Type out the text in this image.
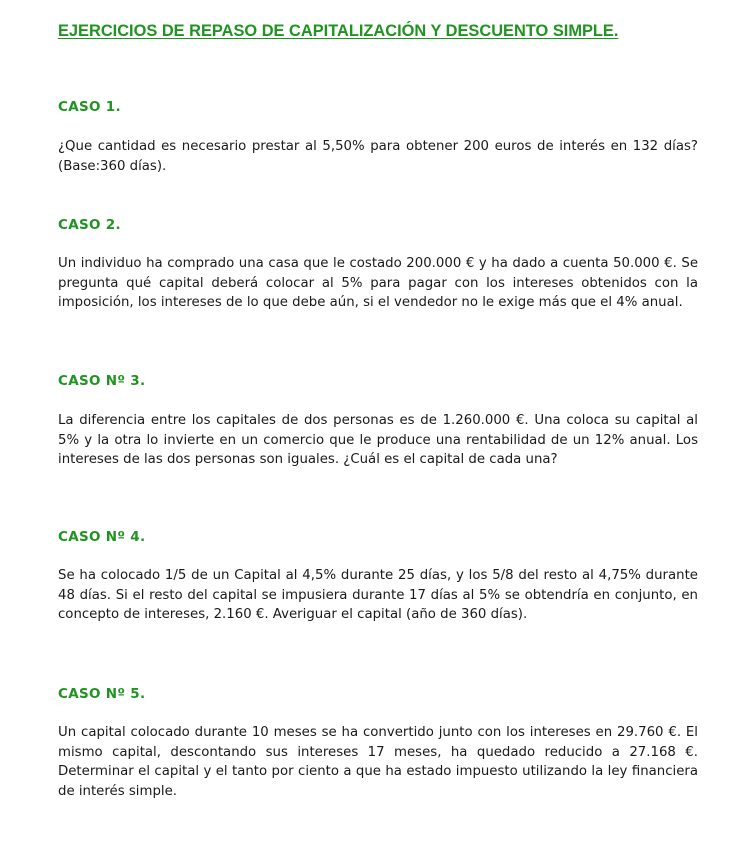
EJERCICIOS DE REPASO DE CAPITALIZACIÓN Y DESCUENTO SIMPLE.
CASO 1.

¿Que cantidad es necesario prestar al 5,50% para obtener 200 euros de interés en 132 días? (Base:360 días).

CASO 2.

Un individuo ha comprado una casa que le costado 200.000 € y ha dado a cuenta 50.000 €. Se pregunta qué capital deberá colocar al 5% para pagar con los intereses obtenidos con la imposición, los intereses de lo que debe aún, si el vendedor no le exige más que el 4% anual.

CASO Nº 3.

La diferencia entre los capitales de dos personas es de 1.260.000 €. Una coloca su capital al 5% y la otra lo invierte en un comercio que le produce una rentabilidad de un 12% anual. Los intereses de las dos personas son iguales. ¿Cuál es el capital de cada una?

CASO Nº 4.

Se ha colocado 1/5 de un Capital al 4,5% durante 25 días, y los 5/8 del resto al 4,75% durante 48 días. Si el resto del capital se impusiera durante 17 días al 5% se obtendría en conjunto, en concepto de intereses, 2.160 €. Averiguar el capital (año de 360 días).

CASO Nº 5.

Un capital colocado durante 10 meses se ha convertido junto con los intereses en 29.760 €. El mismo capital, descontando sus intereses 17 meses, ha quedado reducido a 27.168 €. Determinar el capital y el tanto por ciento a que ha estado impuesto utilizando la ley financiera de interés simple.
